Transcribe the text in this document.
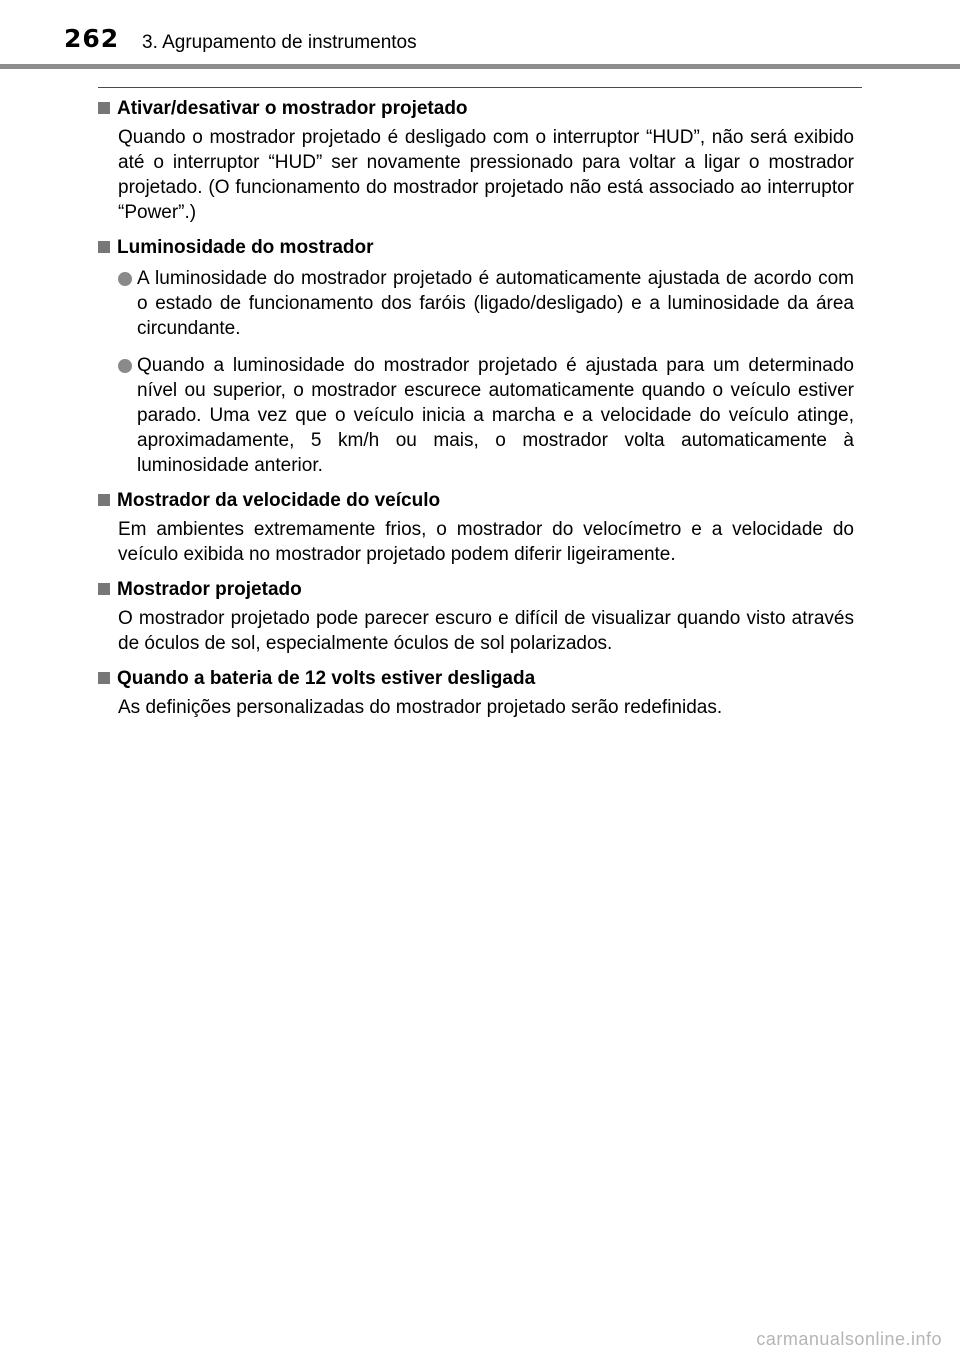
262 3. Agrupamento de instrumentos
Ativar/desativar o mostrador projetado

Quando o mostrador projetado é desligado com o interruptor “HUD”, não será exibido até o interruptor “HUD” ser novamente pressionado para voltar a ligar o mostrador projetado. (O funcionamento do mostrador projetado não está associado ao interruptor “Power”.)

Luminosidade do mostrador
A luminosidade do mostrador projetado é automaticamente ajustada de acordo com o estado de funcionamento dos faróis (ligado/desligado) e a luminosidade da área circundante.
Quando a luminosidade do mostrador projetado é ajustada para um determinado nível ou superior, o mostrador escurece automaticamente quando o veículo estiver parado. Uma vez que o veículo inicia a marcha e a velocidade do veículo atinge, aproximadamente, 5 km/h ou mais, o mostrador volta automaticamente à luminosidade anterior.
Mostrador da velocidade do veículo

Em ambientes extremamente frios, o mostrador do velocímetro e a velocidade do veículo exibida no mostrador projetado podem diferir ligeiramente.

Mostrador projetado

O mostrador projetado pode parecer escuro e difícil de visualizar quando visto através de óculos de sol, especialmente óculos de sol polarizados.

Quando a bateria de 12 volts estiver desligada

As definições personalizadas do mostrador projetado serão redefinidas.

carmanualsonline.info
